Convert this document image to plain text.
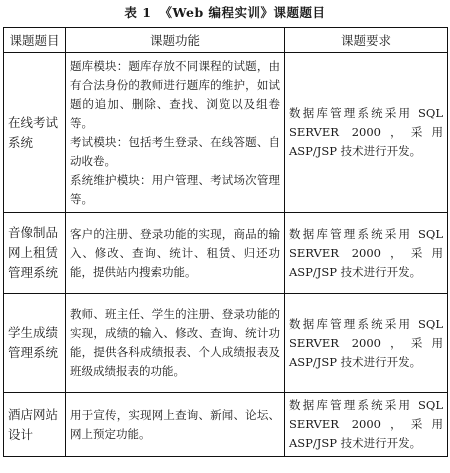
表 1 《Web 编程实训》课题题目
课题题目	课题功能	课题要求
在线考试系统	题库模块：题库存放不同课程的试题，由有合法身份的教师进行题库的维护，如试题的追加、删除、查找、浏览以及组卷等。

考试模块：包括考生登录、在线答题、自动收卷。

系统维护模块：用户管理、考试场次管理等。	数据库管理系统采用 SQL SERVER 2000，采用 ASP/JSP 技术进行开发。
音像制品网上租赁管理系统	客户的注册、登录功能的实现，商品的输入、修改、查询、统计、租赁、归还功能，提供站内搜索功能。	数据库管理系统采用 SQL SERVER 2000，采用 ASP/JSP 技术进行开发。
学生成绩管理系统	教师、班主任、学生的注册、登录功能的实现，成绩的输入、修改、查询、统计功能，提供各科成绩报表、个人成绩报表及班级成绩报表的功能。	数据库管理系统采用 SQL SERVER 2000，采用 ASP/JSP 技术进行开发。
酒店网站设计	用于宣传，实现网上查询、新闻、论坛、网上预定功能。	数据库管理系统采用 SQL SERVER 2000，采用 ASP/JSP 技术进行开发。
